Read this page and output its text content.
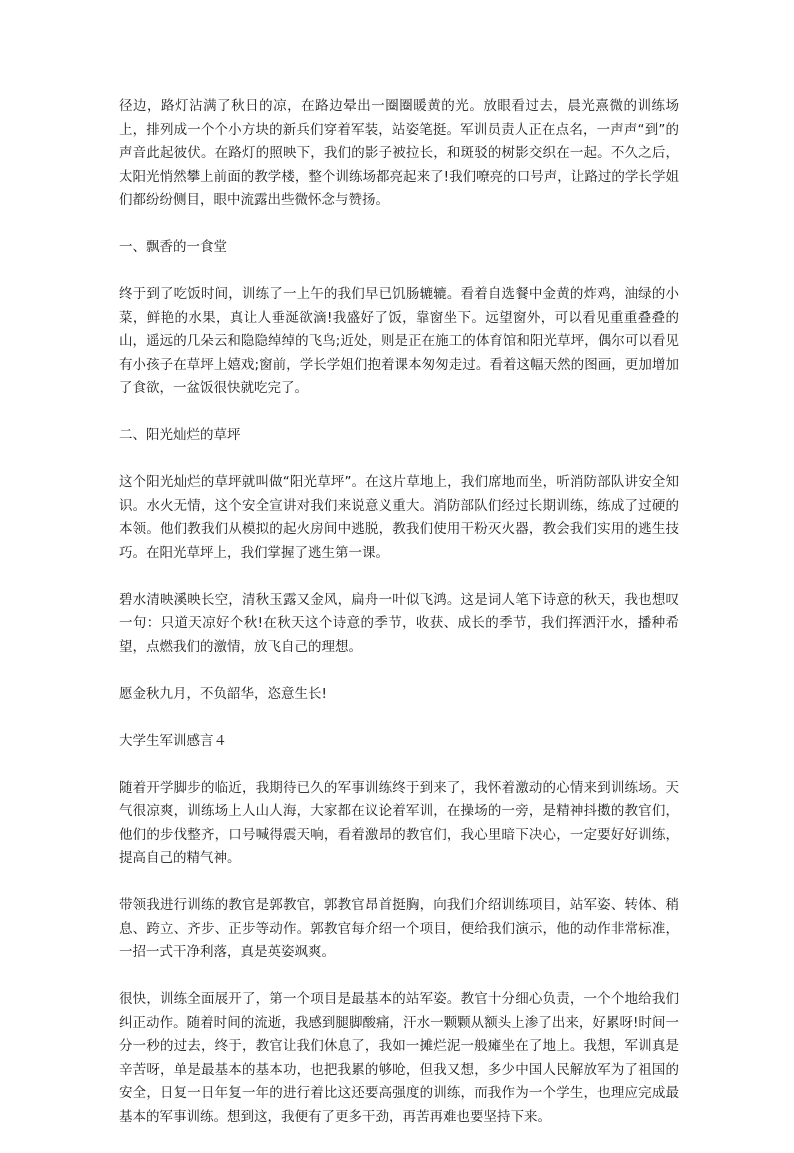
径边，路灯沾满了秋日的凉，在路边晕出一圈圈暖黄的光。放眼看过去，晨光熹微的训练场上，排列成一个个小方块的新兵们穿着军装，站姿笔挺。军训员责人正在点名，一声声“到”的声音此起彼伏。在路灯的照映下，我们的影子被拉长，和斑驳的树影交织在一起。不久之后，太阳光悄然攀上前面的教学楼，整个训练场都亮起来了!我们嘹亮的口号声，让路过的学长学姐们都纷纷侧目，眼中流露出些微怀念与赞扬。

一、飘香的一食堂

终于到了吃饭时间，训练了一上午的我们早已饥肠辘辘。看着自选餐中金黄的炸鸡，油绿的小菜，鲜艳的水果，真让人垂涎欲滴!我盛好了饭，靠窗坐下。远望窗外，可以看见重重叠叠的山，遥远的几朵云和隐隐绰绰的飞鸟;近处，则是正在施工的体育馆和阳光草坪，偶尔可以看见有小孩子在草坪上嬉戏;窗前，学长学姐们抱着课本匆匆走过。看着这幅天然的图画，更加增加了食欲，一盆饭很快就吃完了。

二、阳光灿烂的草坪

这个阳光灿烂的草坪就叫做“阳光草坪”。在这片草地上，我们席地而坐，听消防部队讲安全知识。水火无情，这个安全宣讲对我们来说意义重大。消防部队们经过长期训练，练成了过硬的本领。他们教我们从模拟的起火房间中逃脱，教我们使用干粉灭火器，教会我们实用的逃生技巧。在阳光草坪上，我们掌握了逃生第一课。

碧水清映溪映长空，清秋玉露又金风，扁舟一叶似飞鸿。这是词人笔下诗意的秋天，我也想叹一句：只道天凉好个秋!在秋天这个诗意的季节，收获、成长的季节，我们挥洒汗水，播种希望，点燃我们的激情，放飞自己的理想。

愿金秋九月，不负韶华，恣意生长!

大学生军训感言４

随着开学脚步的临近，我期待已久的军事训练终于到来了，我怀着激动的心情来到训练场。天气很凉爽，训练场上人山人海，大家都在议论着军训，在操场的一旁，是精神抖擞的教官们，他们的步伐整齐，口号喊得震天响，看着激昂的教官们，我心里暗下决心，一定要好好训练，提高自己的精气神。

带领我进行训练的教官是郭教官，郭教官昂首挺胸，向我们介绍训练项目，站军姿、转体、稍息、跨立、齐步、正步等动作。郭教官每介绍一个项目，便给我们演示，他的动作非常标准，一招一式干净利落，真是英姿飒爽。

很快，训练全面展开了，第一个项目是最基本的站军姿。教官十分细心负责，一个个地给我们纠正动作。随着时间的流逝，我感到腿脚酸痛，汗水一颗颗从额头上渗了出来，好累呀!时间一分一秒的过去，终于，教官让我们休息了，我如一摊烂泥一般瘫坐在了地上。我想，军训真是辛苦呀，单是最基本的基本功，也把我累的够呛，但我又想，多少中国人民解放军为了祖国的安全，日复一日年复一年的进行着比这还要高强度的训练，而我作为一个学生，也理应完成最基本的军事训练。想到这，我便有了更多干劲，再苦再难也要坚持下来。
